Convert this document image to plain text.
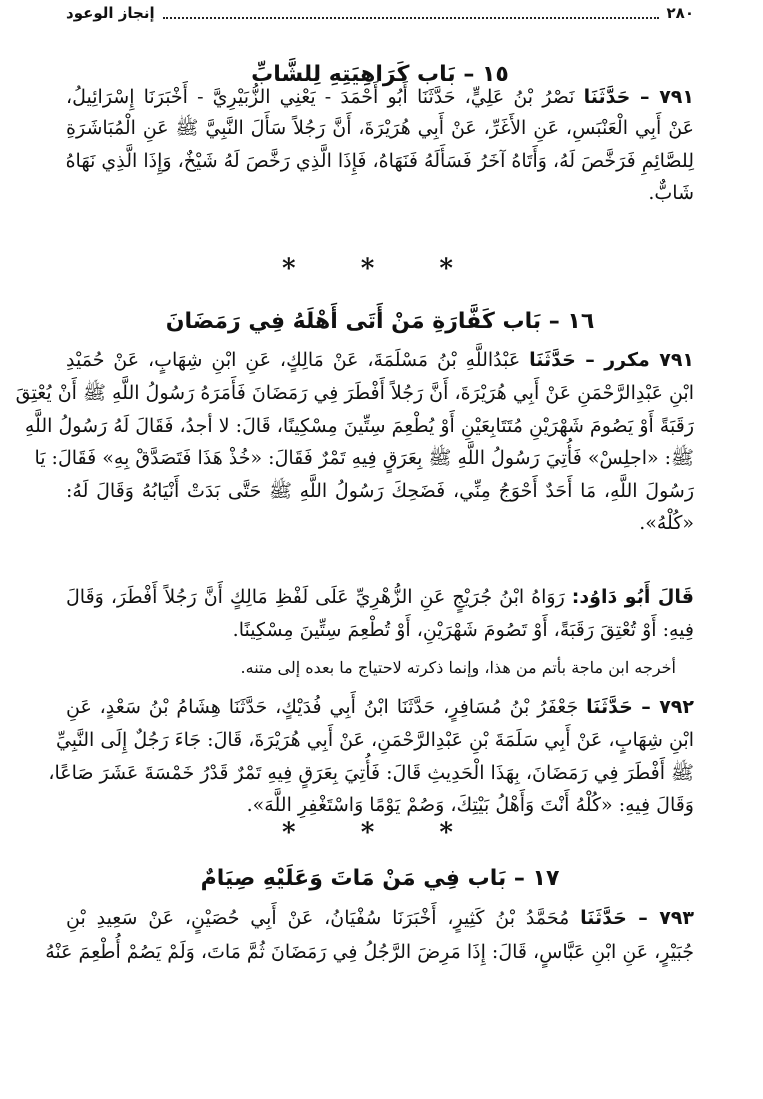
٢٨٠
إنجاز الوعود
١٥ – بَاب كَرَاهِيَتِهِ لِلشَّابِّ
٧٩١ – حَدَّثَنَا نَصْرُ بْنُ عَلِيٍّ، حَدَّثَنَا أَبُو أَحْمَدَ - يَعْنِي الزُّبَيْرِيَّ - أَخْبَرَنَا إِسْرَائِيلُ،
عَنْ أَبِي الْعَنْبَسِ، عَنِ الأَغَرِّ، عَنْ أَبِي هُرَيْرَةَ، أَنَّ رَجُلاً سَأَلَ النَّبِيَّ ﷺ عَنِ الْمُبَاشَرَةِ
لِلصَّائِمِ فَرَخَّصَ لَهُ، وَأَتَاهُ آخَرُ فَسَأَلَهُ فَنَهَاهُ، فَإِذَا الَّذِي رَخَّصَ لَهُ شَيْخٌ، وَإِذَا الَّذِي نَهَاهُ
شَابٌّ.
* * *
١٦ – بَاب كَفَّارَةِ مَنْ أَتَى أَهْلَهُ فِي رَمَضَانَ
٧٩١ مكرر – حَدَّثَنَا عَبْدُاللَّهِ بْنُ مَسْلَمَةَ، عَنْ مَالِكٍ، عَنِ ابْنِ شِهَابٍ، عَنْ حُمَيْدِ
ابْنِ عَبْدِالرَّحْمَنِ عَنْ أَبِي هُرَيْرَةَ، أَنَّ رَجُلاً أَفْطَرَ فِي رَمَضَانَ فَأَمَرَهُ رَسُولُ اللَّهِ ﷺ أَنْ يُعْتِقَ
رَقَبَةً أَوْ يَصُومَ شَهْرَيْنِ مُتَتَابِعَيْنِ أَوْ يُطْعِمَ سِتِّينَ مِسْكِينًا، قَالَ: لا أجدُ، فَقَالَ لَهُ رَسُولُ اللَّهِ
ﷺ: «اجلِسْ» فَأُتِيَ رَسُولُ اللَّهِ ﷺ بِعَرَقٍ فِيهِ تَمْرٌ فَقَالَ: «خُذْ هَذَا فَتَصَدَّقْ بِهِ» فَقَالَ: يَا
رَسُولَ اللَّهِ، مَا أَحَدٌ أَحْوَجُ مِنِّي، فَضَحِكَ رَسُولُ اللَّهِ ﷺ حَتَّى بَدَتْ أَنْيَابُهُ وَقَالَ لَهُ:
«كُلْهُ».
قَالَ أَبُو دَاوُد: رَوَاهُ ابْنُ جُرَيْجٍ عَنِ الزُّهْرِيِّ عَلَى لَفْظِ مَالِكٍ أَنَّ رَجُلاً أَفْطَرَ، وَقَالَ
فِيهِ: أَوْ تُعْتِقَ رَقَبَةً، أَوْ تَصُومَ شَهْرَيْنِ، أَوْ تُطْعِمَ سِتِّينَ مِسْكِينًا.
أخرجه ابن ماجة بأتم من هذا، وإنما ذكرته لاحتياج ما بعده إلى متنه.
٧٩٢ – حَدَّثَنَا جَعْفَرُ بْنُ مُسَافِرٍ، حَدَّثَنَا ابْنُ أَبِي فُدَيْكٍ، حَدَّثَنَا هِشَامُ بْنُ سَعْدٍ، عَنِ
ابْنِ شِهَابٍ، عَنْ أَبِي سَلَمَةَ بْنِ عَبْدِالرَّحْمَنِ، عَنْ أَبِي هُرَيْرَةَ، قَالَ: جَاءَ رَجُلٌ إِلَى النَّبِيِّ
ﷺ أَفْطَرَ فِي رَمَضَانَ، بِهَذَا الْحَدِيثِ قَالَ: فَأُتِيَ بِعَرَقٍ فِيهِ تَمْرٌ قَدْرُ خَمْسَةَ عَشَرَ صَاعًا،
وَقَالَ فِيهِ: «كُلْهُ أَنْتَ وَأَهْلُ بَيْتِكَ، وَصُمْ يَوْمًا وَاسْتَغْفِرِ اللَّهَ».
* * *
١٧ – بَاب فِي مَنْ مَاتَ وَعَلَيْهِ صِيَامٌ
٧٩٣ – حَدَّثَنَا مُحَمَّدُ بْنُ كَثِيرٍ، أَخْبَرَنَا سُفْيَانُ، عَنْ أَبِي حُصَيْنٍ، عَنْ سَعِيدِ بْنِ
جُبَيْرٍ، عَنِ ابْنِ عَبَّاسٍ، قَالَ: إِذَا مَرِضَ الرَّجُلُ فِي رَمَضَانَ ثُمَّ مَاتَ، وَلَمْ يَصُمْ أُطْعِمَ عَنْهُ
